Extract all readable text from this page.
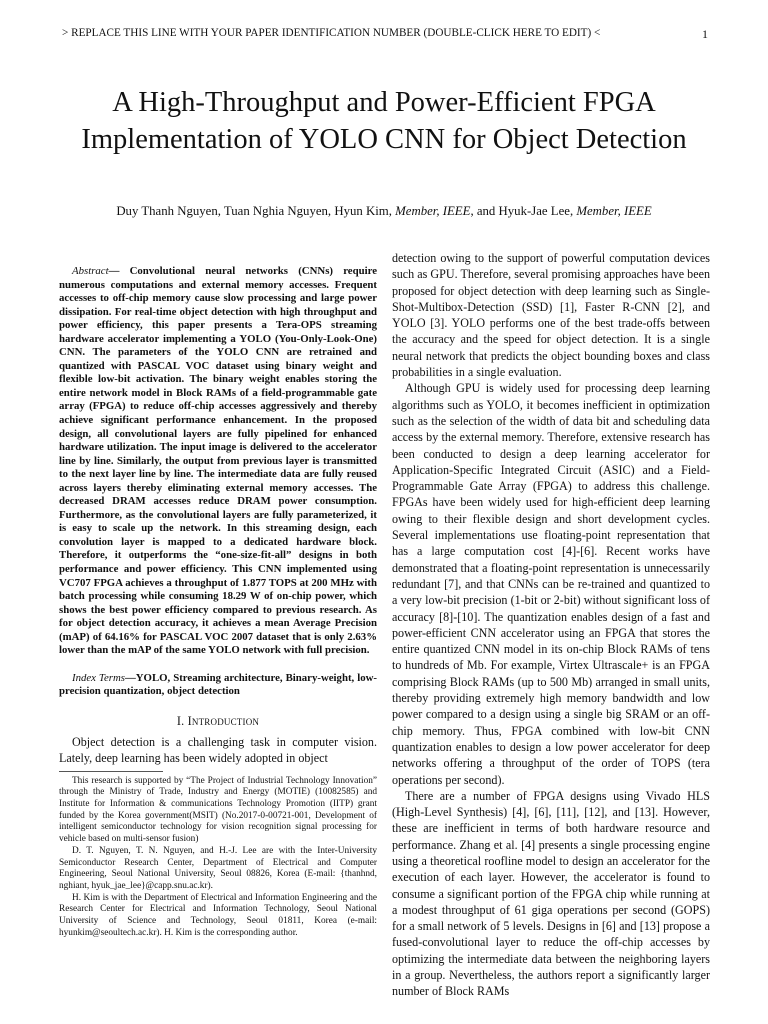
> REPLACE THIS LINE WITH YOUR PAPER IDENTIFICATION NUMBER (DOUBLE-CLICK HERE TO EDIT) <	1
A High-Throughput and Power-Efficient FPGA Implementation of YOLO CNN for Object Detection
Duy Thanh Nguyen, Tuan Nghia Nguyen, Hyun Kim, Member, IEEE, and Hyuk-Jae Lee, Member, IEEE

Abstract— Convolutional neural networks (CNNs) require numerous computations and external memory accesses. Frequent accesses to off-chip memory cause slow processing and large power dissipation. For real-time object detection with high throughput and power efficiency, this paper presents a Tera-OPS streaming hardware accelerator implementing a YOLO (You-Only-Look-One) CNN. The parameters of the YOLO CNN are retrained and quantized with PASCAL VOC dataset using binary weight and flexible low-bit activation. The binary weight enables storing the entire network model in Block RAMs of a field-programmable gate array (FPGA) to reduce off-chip accesses aggressively and thereby achieve significant performance enhancement. In the proposed design, all convolutional layers are fully pipelined for enhanced hardware utilization. The input image is delivered to the accelerator line by line. Similarly, the output from previous layer is transmitted to the next layer line by line. The intermediate data are fully reused across layers thereby eliminating external memory accesses. The decreased DRAM accesses reduce DRAM power consumption. Furthermore, as the convolutional layers are fully parameterized, it is easy to scale up the network. In this streaming design, each convolution layer is mapped to a dedicated hardware block. Therefore, it outperforms the “one-size-fit-all” designs in both performance and power efficiency. This CNN implemented using VC707 FPGA achieves a throughput of 1.877 TOPS at 200 MHz with batch processing while consuming 18.29 W of on-chip power, which shows the best power efficiency compared to previous research. As for object detection accuracy, it achieves a mean Average Precision (mAP) of 64.16% for PASCAL VOC 2007 dataset that is only 2.63% lower than the mAP of the same YOLO network with full precision.

Index Terms—YOLO, Streaming architecture, Binary-weight, low-precision quantization, object detection

I. Introduction

Object detection is a challenging task in computer vision. Lately, deep learning has been widely adopted in object

This research is supported by “The Project of Industrial Technology Innovation” through the Ministry of Trade, Industry and Energy (MOTIE) (10082585) and Institute for Information & communications Technology Promotion (IITP) grant funded by the Korea government(MSIT) (No.2017-0-00721-001, Development of intelligent semiconductor technology for vision recognition signal processing for vehicle based on multi-sensor fusion)

D. T. Nguyen, T. N. Nguyen, and H.-J. Lee are with the Inter-University Semiconductor Research Center, Department of Electrical and Computer Engineering, Seoul National University, Seoul 08826, Korea (E-mail: {thanhnd, nghiant, hyuk_jae_lee}@capp.snu.ac.kr).

H. Kim is with the Department of Electrical and Information Engineering and the Research Center for Electrical and Information Technology, Seoul National University of Science and Technology, Seoul 01811, Korea (e-mail: hyunkim@seoultech.ac.kr). H. Kim is the corresponding author.

detection owing to the support of powerful computation devices such as GPU. Therefore, several promising approaches have been proposed for object detection with deep learning such as Single-Shot-Multibox-Detection (SSD) [1], Faster R-CNN [2], and YOLO [3]. YOLO performs one of the best trade-offs between the accuracy and the speed for object detection. It is a single neural network that predicts the object bounding boxes and class probabilities in a single evaluation.

Although GPU is widely used for processing deep learning algorithms such as YOLO, it becomes inefficient in optimization such as the selection of the width of data bit and scheduling data access by the external memory. Therefore, extensive research has been conducted to design a deep learning accelerator for Application-Specific Integrated Circuit (ASIC) and a Field-Programmable Gate Array (FPGA) to address this challenge. FPGAs have been widely used for high-efficient deep learning owing to their flexible design and short development cycles. Several implementations use floating-point representation that has a large computation cost [4]-[6]. Recent works have demonstrated that a floating-point representation is unnecessarily redundant [7], and that CNNs can be re-trained and quantized to a very low-bit precision (1-bit or 2-bit) without significant loss of accuracy [8]-[10]. The quantization enables design of a fast and power-efficient CNN accelerator using an FPGA that stores the entire quantized CNN model in its on-chip Block RAMs of tens to hundreds of Mb. For example, Virtex Ultrascale+ is an FPGA comprising Block RAMs (up to 500 Mb) arranged in small units, thereby providing extremely high memory bandwidth and low power compared to a design using a single big SRAM or an off-chip memory. Thus, FPGA combined with low-bit CNN quantization enables to design a low power accelerator for deep networks offering a throughput of the order of TOPS (tera operations per second).

There are a number of FPGA designs using Vivado HLS (High-Level Synthesis) [4], [6], [11], [12], and [13]. However, these are inefficient in terms of both hardware resource and performance. Zhang et al. [4] presents a single processing engine using a theoretical roofline model to design an accelerator for the execution of each layer. However, the accelerator is found to consume a significant portion of the FPGA chip while running at a modest throughput of 61 giga operations per second (GOPS) for a small network of 5 levels. Designs in [6] and [13] propose a fused-convolutional layer to reduce the off-chip accesses by optimizing the intermediate data between the neighboring layers in a group. Nevertheless, the authors report a significantly larger number of Block RAMs
